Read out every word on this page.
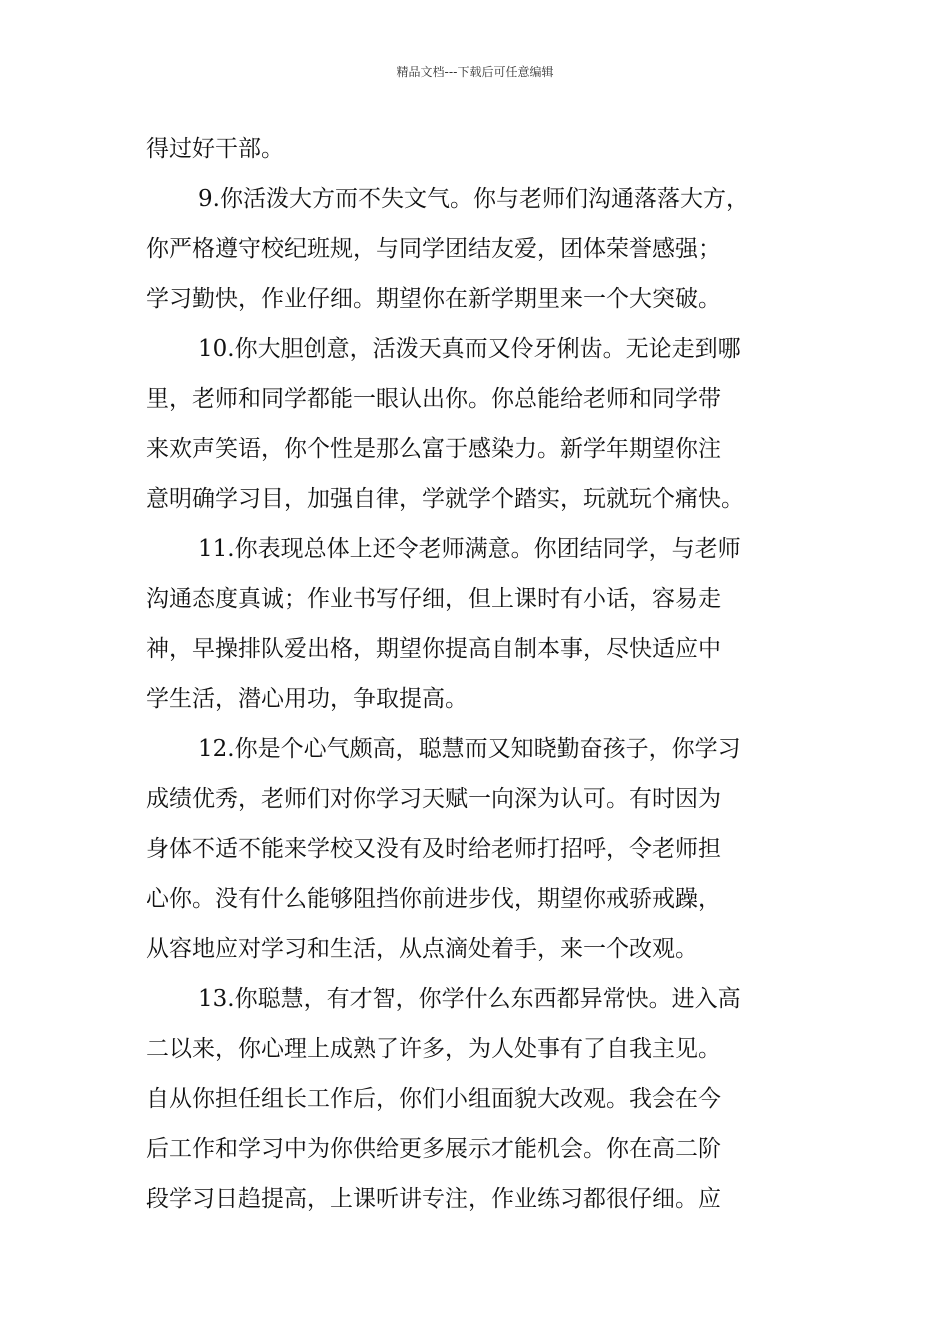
精品文档---下载后可任意编辑
得过好干部。
9.你活泼大方而不失文气。你与老师们沟通落落大方，
你严格遵守校纪班规，与同学团结友爱，团体荣誉感强；
学习勤快，作业仔细。期望你在新学期里来一个大突破。
10.你大胆创意，活泼天真而又伶牙俐齿。无论走到哪
里，老师和同学都能一眼认出你。你总能给老师和同学带
来欢声笑语，你个性是那么富于感染力。新学年期望你注
意明确学习目，加强自律，学就学个踏实，玩就玩个痛快。
11.你表现总体上还令老师满意。你团结同学，与老师
沟通态度真诚；作业书写仔细，但上课时有小话，容易走
神，早操排队爱出格，期望你提高自制本事，尽快适应中
学生活，潜心用功，争取提高。
12.你是个心气颇高，聪慧而又知晓勤奋孩子，你学习
成绩优秀，老师们对你学习天赋一向深为认可。有时因为
身体不适不能来学校又没有及时给老师打招呼，令老师担
心你。没有什么能够阻挡你前进步伐，期望你戒骄戒躁，
从容地应对学习和生活，从点滴处着手，来一个改观。
13.你聪慧，有才智，你学什么东西都异常快。进入高
二以来，你心理上成熟了许多，为人处事有了自我主见。
自从你担任组长工作后，你们小组面貌大改观。我会在今
后工作和学习中为你供给更多展示才能机会。你在高二阶
段学习日趋提高，上课听讲专注，作业练习都很仔细。应
